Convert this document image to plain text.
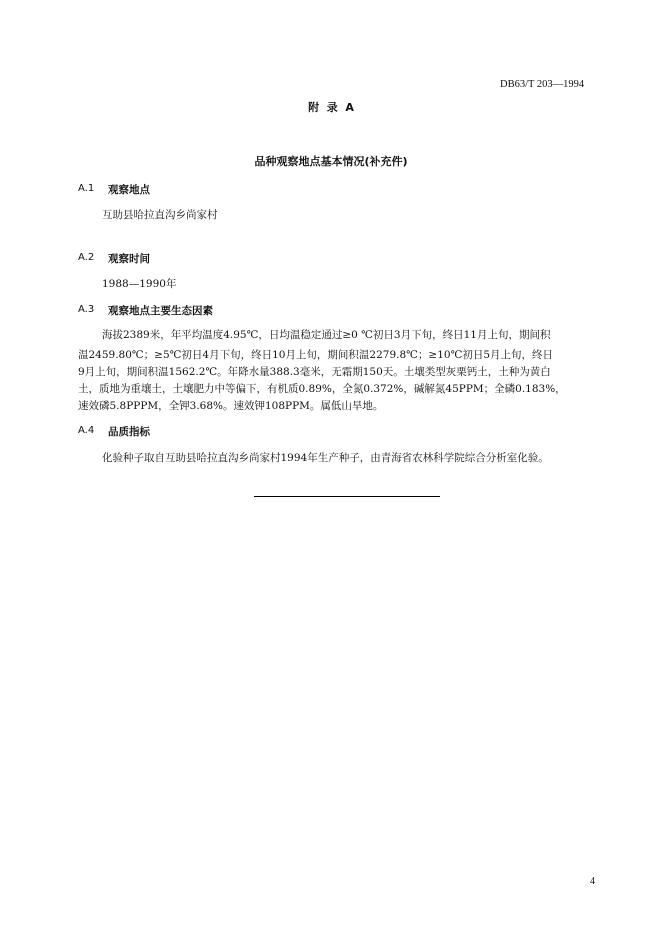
DB63/T 203—1994
附  录  A
品种观察地点基本情况(补充件)
A.1 观察地点
互助县哈拉直沟乡尚家村
A.2 观察时间
1988—1990年
A.3 观察地点主要生态因素
海拔2389米，年平均温度4.95℃，日均温稳定通过≥0 ℃初日3月下旬，终日11月上旬，期间积
温2459.80℃；≥5℃初日4月下旬，终日10月上旬，期间积温2279.8℃；≥10℃初日5月上旬，终日
9月上旬，期间积温1562.2℃。年降水量388.3毫米，无霜期150天。土壤类型灰栗钙土，土种为黄白
土，质地为重壤土，土壤肥力中等偏下，有机质0.89%，全氮0.372%，碱解氮45PPM；全磷0.183%，
速效磷5.8PPPM，全钾3.68%。速效钾108PPM。属低山旱地。
A.4 品质指标
化验种子取自互助县哈拉直沟乡尚家村1994年生产种子，由青海省农林科学院综合分析室化验。
4
